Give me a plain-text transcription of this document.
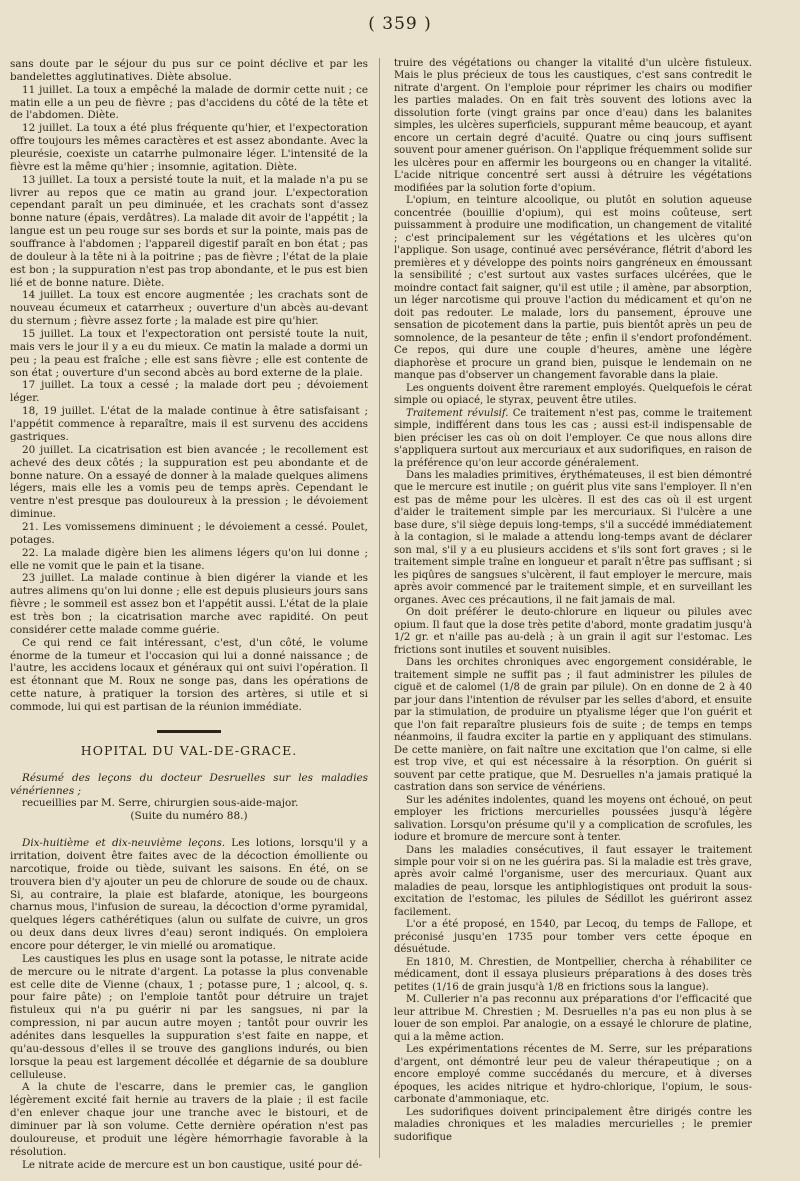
( 359 )

sans doute par le séjour du pus sur ce point déclive et par les bandelettes agglutinatives. Diète absolue.

11 juillet. La toux a empêché la malade de dormir cette nuit ; ce matin elle a un peu de fièvre ; pas d'accidens du côté de la tête et de l'abdomen. Diète.

12 juillet. La toux a été plus fréquente qu'hier, et l'expectoration offre toujours les mêmes caractères et est assez abondante. Avec la pleurésie, coexiste un catarrhe pulmonaire léger. L'intensité de la fièvre est la même qu'hier ; insomnie, agitation. Diète.

13 juillet. La toux a persisté toute la nuit, et la malade n'a pu se livrer au repos que ce matin au grand jour. L'expectoration cependant paraît un peu diminuée, et les crachats sont d'assez bonne nature (épais, verdâtres). La malade dit avoir de l'appétit ; la langue est un peu rouge sur ses bords et sur la pointe, mais pas de souffrance à l'abdomen ; l'appareil digestif paraît en bon état ; pas de douleur à la tête ni à la poitrine ; pas de fièvre ; l'état de la plaie est bon ; la suppuration n'est pas trop abondante, et le pus est bien lié et de bonne nature. Diète.

14 juillet. La toux est encore augmentée ; les crachats sont de nouveau écumeux et catarrheux ; ouverture d'un abcès au-devant du sternum ; fièvre assez forte ; la malade est pire qu'hier.

15 juillet. La toux et l'expectoration ont persisté toute la nuit, mais vers le jour il y a eu du mieux. Ce matin la malade a dormi un peu ; la peau est fraîche ; elle est sans fièvre ; elle est contente de son état ; ouverture d'un second abcès au bord externe de la plaie.

17 juillet. La toux a cessé ; la malade dort peu ; dévoiement léger.

18, 19 juillet. L'état de la malade continue à être satisfaisant ; l'appétit commence à reparaître, mais il est survenu des accidens gastriques.

20 juillet. La cicatrisation est bien avancée ; le recollement est achevé des deux côtés ; la suppuration est peu abondante et de bonne nature. On a essayé de donner à la malade quelques alimens légers, mais elle les a vomis peu de temps après. Cependant le ventre n'est presque pas douloureux à la pression ; le dévoiement diminue.

21. Les vomissemens diminuent ; le dévoiement a cessé. Poulet, potages.

22. La malade digère bien les alimens légers qu'on lui donne ; elle ne vomit que le pain et la tisane.

23 juillet. La malade continue à bien digérer la viande et les autres alimens qu'on lui donne ; elle est depuis plusieurs jours sans fièvre ; le sommeil est assez bon et l'appétit aussi. L'état de la plaie est très bon ; la cicatrisation marche avec rapidité. On peut considérer cette malade comme guérie.

Ce qui rend ce fait intéressant, c'est, d'un côté, le volume énorme de la tumeur et l'occasion qui lui a donné naissance ; de l'autre, les accidens locaux et généraux qui ont suivi l'opération. Il est étonnant que M. Roux ne songe pas, dans les opérations de cette nature, à pratiquer la torsion des artères, si utile et si commode, lui qui est partisan de la réunion immédiate.

HOPITAL DU VAL-DE-GRACE.

Résumé des leçons du docteur Desruelles sur les maladies vénériennes ;

recueillies par M. Serre, chirurgien sous-aide-major.

(Suite du numéro 88.)

Dix-huitième et dix-neuvième leçons. Les lotions, lorsqu'il y a irritation, doivent être faites avec de la décoction émolliente ou narcotique, froide ou tiède, suivant les saisons. En été, on se trouvera bien d'y ajouter un peu de chlorure de soude ou de chaux. Si, au contraire, la plaie est blafarde, atonique, les bourgeons charnus mous, l'infusion de sureau, la décoction d'orme pyramidal, quelques légers cathérétiques (alun ou sulfate de cuivre, un gros ou deux dans deux livres d'eau) seront indiqués. On emploiera encore pour déterger, le vin miellé ou aromatique.

Les caustiques les plus en usage sont la potasse, le nitrate acide de mercure ou le nitrate d'argent. La potasse la plus convenable est celle dite de Vienne (chaux, 1 ; potasse pure, 1 ; alcool, q. s. pour faire pâte) ; on l'emploie tantôt pour détruire un trajet fistuleux qui n'a pu guérir ni par les sangsues, ni par la compression, ni par aucun autre moyen ; tantôt pour ouvrir les adénites dans lesquelles la suppuration s'est faite en nappe, et qu'au-dessous d'elles il se trouve des ganglions indurés, ou bien lorsque la peau est largement décollée et dégarnie de sa doublure celluleuse.

A la chute de l'escarre, dans le premier cas, le ganglion légèrement excité fait hernie au travers de la plaie ; il est facile d'en enlever chaque jour une tranche avec le bistouri, et de diminuer par là son volume. Cette dernière opération n'est pas douloureuse, et produit une légère hémorrhagie favorable à la résolution.

Le nitrate acide de mercure est un bon caustique, usité pour dé-

truire des végétations ou changer la vitalité d'un ulcère fistuleux. Mais le plus précieux de tous les caustiques, c'est sans contredit le nitrate d'argent. On l'emploie pour réprimer les chairs ou modifier les parties malades. On en fait très souvent des lotions avec la dissolution forte (vingt grains par once d'eau) dans les balanites simples, les ulcères superficiels, suppurant même beaucoup, et ayant encore un certain degré d'acuité. Quatre ou cinq jours suffisent souvent pour amener guérison. On l'applique fréquemment solide sur les ulcères pour en affermir les bourgeons ou en changer la vitalité. L'acide nitrique concentré sert aussi à détruire les végétations modifiées par la solution forte d'opium.

L'opium, en teinture alcoolique, ou plutôt en solution aqueuse concentrée (bouillie d'opium), qui est moins coûteuse, sert puissamment à produire une modification, un changement de vitalité ; c'est principalement sur les végétations et les ulcères qu'on l'applique. Son usage, continué avec persévérance, flétrit d'abord les premières et y développe des points noirs gangréneux en émoussant la sensibilité ; c'est surtout aux vastes surfaces ulcérées, que le moindre contact fait saigner, qu'il est utile ; il amène, par absorption, un léger narcotisme qui prouve l'action du médicament et qu'on ne doit pas redouter. Le malade, lors du pansement, éprouve une sensation de picotement dans la partie, puis bientôt après un peu de somnolence, de la pesanteur de tête ; enfin il s'endort profondément. Ce repos, qui dure une couple d'heures, amène une légère diaphorèse et procure un grand bien, puisque le lendemain on ne manque pas d'observer un changement favorable dans la plaie.

Les onguents doivent être rarement employés. Quelquefois le cérat simple ou opiacé, le styrax, peuvent être utiles.

Traitement révulsif. Ce traitement n'est pas, comme le traitement simple, indifférent dans tous les cas ; aussi est-il indispensable de bien préciser les cas où on doit l'employer. Ce que nous allons dire s'appliquera surtout aux mercuriaux et aux sudorifiques, en raison de la préférence qu'on leur accorde généralement.

Dans les maladies primitives, érythémateuses, il est bien démontré que le mercure est inutile ; on guérit plus vite sans l'employer. Il n'en est pas de même pour les ulcères. Il est des cas où il est urgent d'aider le traitement simple par les mercuriaux. Si l'ulcère a une base dure, s'il siège depuis long-temps, s'il a succédé immédiatement à la contagion, si le malade a attendu long-temps avant de déclarer son mal, s'il y a eu plusieurs accidens et s'ils sont fort graves ; si le traitement simple traîne en longueur et paraît n'être pas suffisant ; si les piqûres de sangsues s'ulcèrent, il faut employer le mercure, mais après avoir commencé par le traitement simple, et en surveillant les organes. Avec ces précautions, il ne fait jamais de mal.

On doit préférer le deuto-chlorure en liqueur ou pilules avec opium. Il faut que la dose très petite d'abord, monte gradatim jusqu'à 1/2 gr. et n'aille pas au-delà ; à un grain il agit sur l'estomac. Les frictions sont inutiles et souvent nuisibles.

Dans les orchites chroniques avec engorgement considérable, le traitement simple ne suffit pas ; il faut administrer les pilules de ciguë et de calomel (1/8 de grain par pilule). On en donne de 2 à 40 par jour dans l'intention de révulser par les selles d'abord, et ensuite par la stimulation, de produire un ptyalisme léger que l'on guérit et que l'on fait reparaître plusieurs fois de suite ; de temps en temps néanmoins, il faudra exciter la partie en y appliquant des stimulans. De cette manière, on fait naître une excitation que l'on calme, si elle est trop vive, et qui est nécessaire à la résorption. On guérit si souvent par cette pratique, que M. Desruelles n'a jamais pratiqué la castration dans son service de vénériens.

Sur les adénites indolentes, quand les moyens ont échoué, on peut employer les frictions mercurielles poussées jusqu'à légère salivation. Lorsqu'on présume qu'il y a complication de scrofules, les iodure et bromure de mercure sont à tenter.

Dans les maladies consécutives, il faut essayer le traitement simple pour voir si on ne les guérira pas. Si la maladie est très grave, après avoir calmé l'organisme, user des mercuriaux. Quant aux maladies de peau, lorsque les antiphlogistiques ont produit la sous-excitation de l'estomac, les pilules de Sédillot les guériront assez facilement.

L'or a été proposé, en 1540, par Lecoq, du temps de Fallope, et préconisé jusqu'en 1735 pour tomber vers cette époque en désuétude.

En 1810, M. Chrestien, de Montpellier, chercha à réhabiliter ce médicament, dont il essaya plusieurs préparations à des doses très petites (1/16 de grain jusqu'à 1/8 en frictions sous la langue).

M. Cullerier n'a pas reconnu aux préparations d'or l'efficacité que leur attribue M. Chrestien ; M. Desruelles n'a pas eu non plus à se louer de son emploi. Par analogie, on a essayé le chlorure de platine, qui a la même action.

Les expérimentations récentes de M. Serre, sur les préparations d'argent, ont démontré leur peu de valeur thérapeutique ; on a encore employé comme succédanés du mercure, et à diverses époques, les acides nitrique et hydro-chlorique, l'opium, le sous-carbonate d'ammoniaque, etc.

Les sudorifiques doivent principalement être dirigés contre les maladies chroniques et les maladies mercurielles ; le premier sudorifique
